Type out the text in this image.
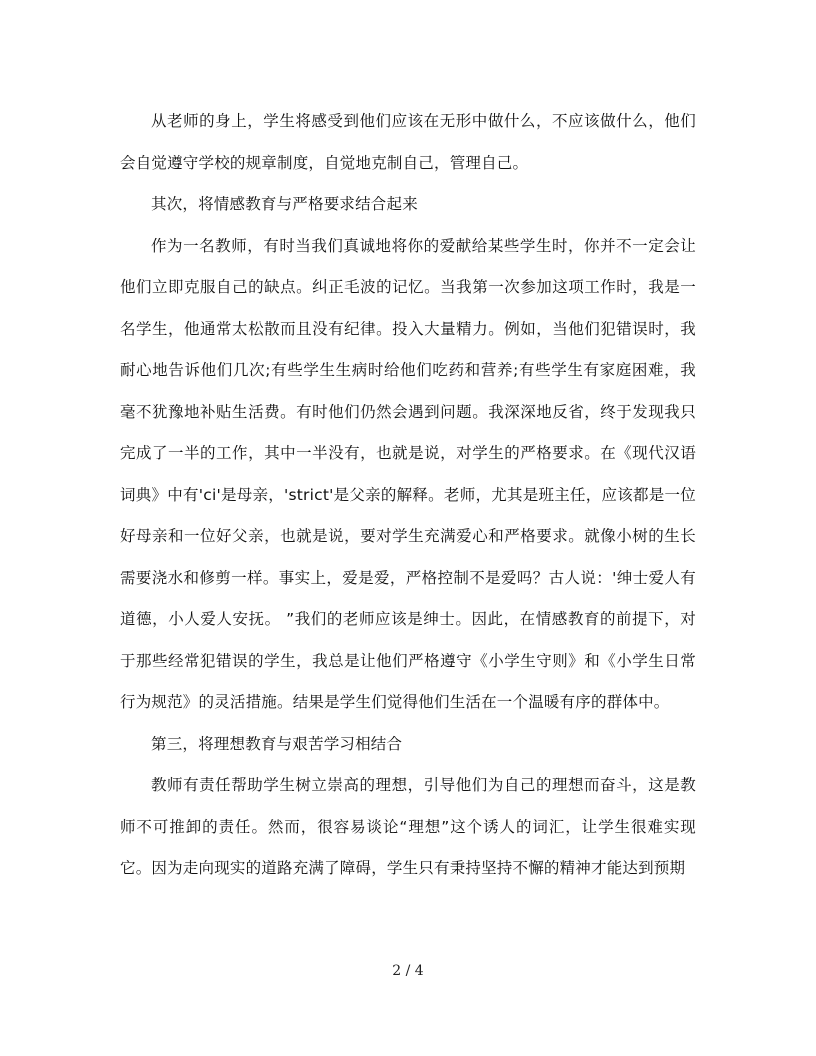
从老师的身上，学生将感受到他们应该在无形中做什么，不应该做什么，他们会自觉遵守学校的规章制度，自觉地克制自己，管理自己。

其次，将情感教育与严格要求结合起来

作为一名教师，有时当我们真诚地将你的爱献给某些学生时，你并不一定会让他们立即克服自己的缺点。纠正毛波的记忆。当我第一次参加这项工作时，我是一名学生，他通常太松散而且没有纪律。投入大量精力。例如，当他们犯错误时，我耐心地告诉他们几次;有些学生生病时给他们吃药和营养;有些学生有家庭困难，我毫不犹豫地补贴生活费。有时他们仍然会遇到问题。我深深地反省，终于发现我只完成了一半的工作，其中一半没有，也就是说，对学生的严格要求。在《现代汉语词典》中有'ci'是母亲，'strict'是父亲的解释。老师，尤其是班主任，应该都是一位好母亲和一位好父亲，也就是说，要对学生充满爱心和严格要求。就像小树的生长需要浇水和修剪一样。事实上，爱是爱，严格控制不是爱吗？古人说：'绅士爱人有道德，小人爱人安抚。 ”我们的老师应该是绅士。因此，在情感教育的前提下，对于那些经常犯错误的学生，我总是让他们严格遵守《小学生守则》和《小学生日常行为规范》的灵活措施。结果是学生们觉得他们生活在一个温暖有序的群体中。

第三，将理想教育与艰苦学习相结合

教师有责任帮助学生树立崇高的理想，引导他们为自己的理想而奋斗，这是教师不可推卸的责任。然而，很容易谈论“理想”这个诱人的词汇，让学生很难实现它。因为走向现实的道路充满了障碍，学生只有秉持坚持不懈的精神才能达到预期

2 / 4
